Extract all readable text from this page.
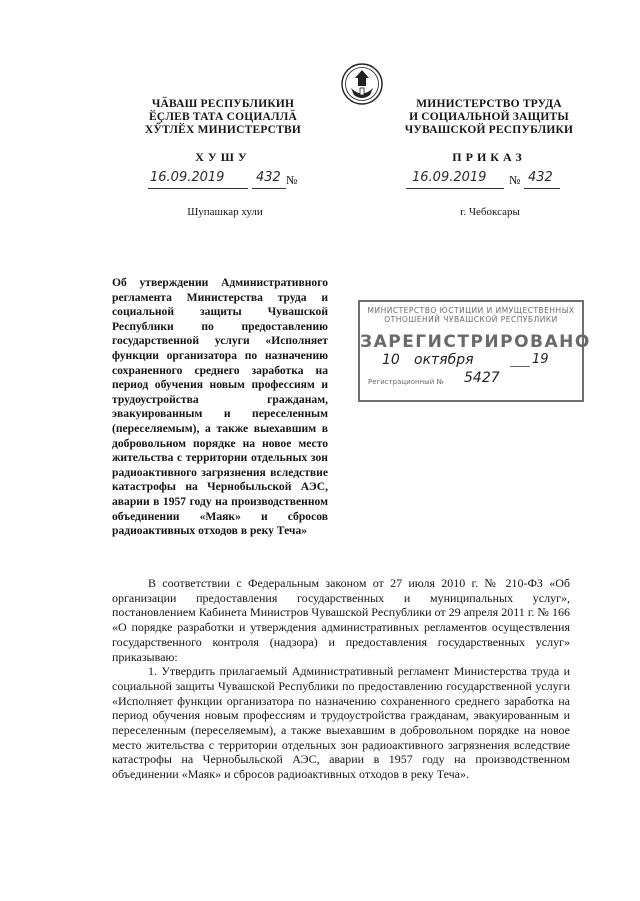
ЧӐВАШ РЕСПУБЛИКИН
ӖҪЛЕВ ТАТА СОЦИАЛЛӐ
ХӲТЛӖХ МИНИСТЕРСТВИ
МИНИСТЕРСТВО ТРУДА
И СОЦИАЛЬНОЙ ЗАЩИТЫ
ЧУВАШСКОЙ РЕСПУБЛИКИ
ХУШУ	ПРИКАЗ
16.09.2019 432 №	16.09.2019 № 432
Шупашкар хули	г. Чебоксары
Об утверждении Административного регламента Министерства труда и социальной защиты Чувашской Республики по предоставлению государственной услуги «Исполняет функции организатора по назначению сохраненного среднего заработка на период обучения новым профессиям и трудоустройства гражданам, эвакуированным и переселенным (переселяемым), а также выехавшим в добровольном порядке на новое место жительства с территории отдельных зон радиоактивного загрязнения вследствие катастрофы на Чернобыльской АЭС, аварии в 1957 году на производственном объединении «Маяк» и сбросов радиоактивных отходов в реку Теча»
МИНИСТЕРСТВО ЮСТИЦИИ И ИМУЩЕСТВЕННЫХ
ОТНОШЕНИЙ ЧУВАШСКОЙ РЕСПУБЛИКИ
ЗАРЕГИСТРИРОВАНО
10 октября	19
Регистрационный № 5427

В соответствии с Федеральным законом от 27 июля 2010 г. № 210-ФЗ «Об организации предоставления государственных и муниципальных услуг», постановлением Кабинета Министров Чувашской Республики от 29 апреля 2011 г. № 166 «О порядке разработки и утверждения административных регламентов осуществления государственного контроля (надзора) и предоставления государственных услуг» приказываю:

1. Утвердить прилагаемый Административный регламент Министерства труда и социальной защиты Чувашской Республики по предоставлению государственной услуги «Исполняет функции организатора по назначению сохраненного среднего заработка на период обучения новым профессиям и трудоустройства гражданам, эвакуированным и переселенным (переселяемым), а также выехавшим в добровольном порядке на новое место жительства с территории отдельных зон радиоактивного загрязнения вследствие катастрофы на Чернобыльской АЭС, аварии в 1957 году на производственном объединении «Маяк» и сбросов радиоактивных отходов в реку Теча».
